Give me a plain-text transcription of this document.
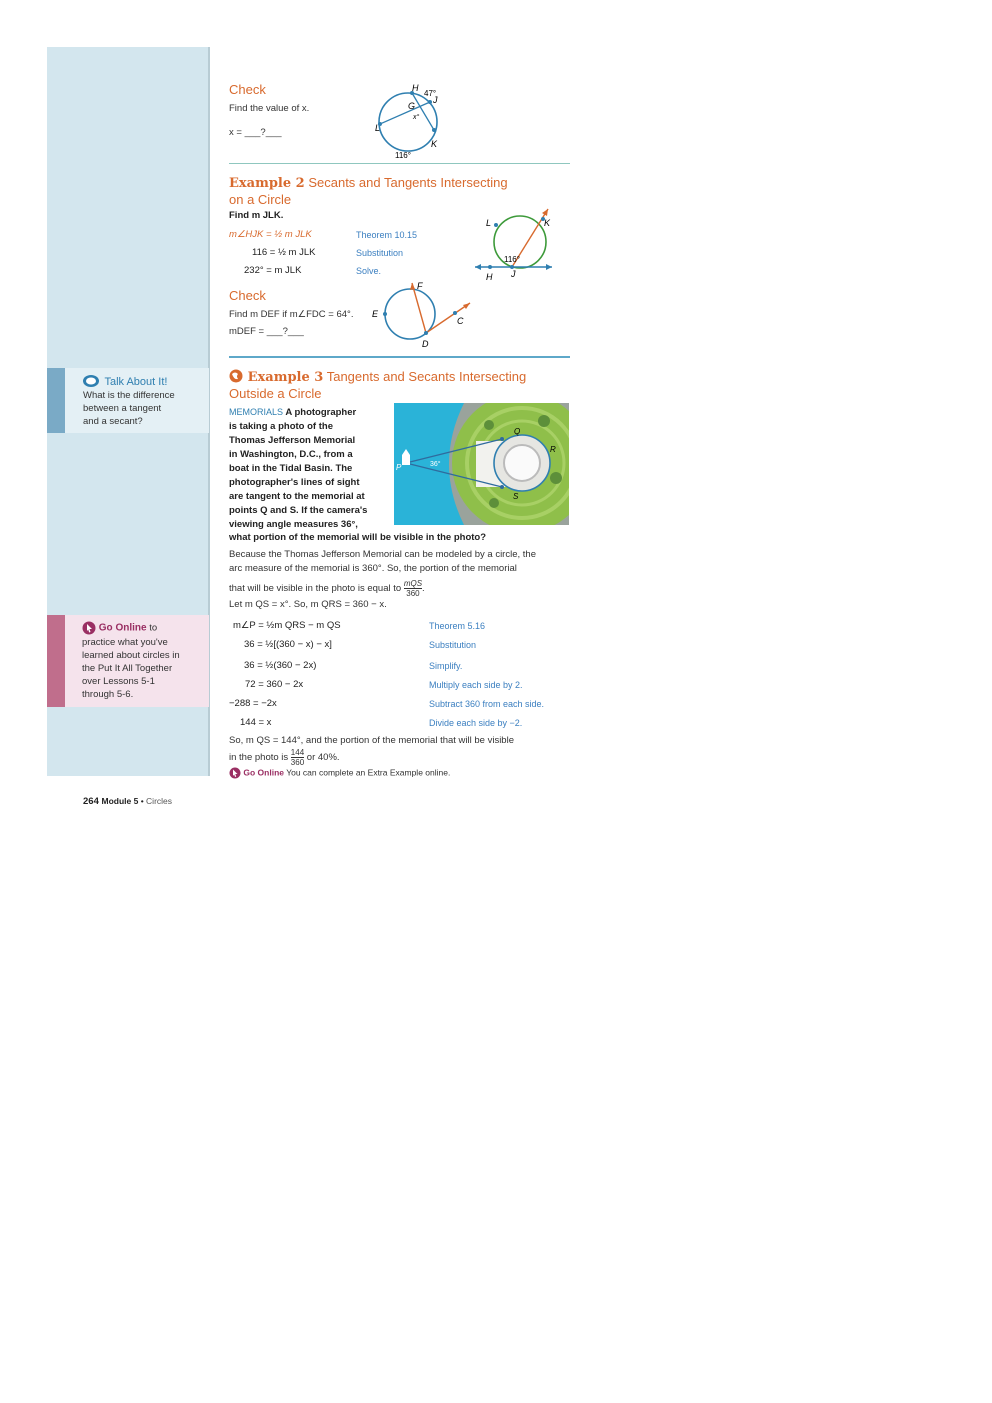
Talk About It!
What is the difference
between a tangent
and a secant?
Go Online to
practice what you've
learned about circles in
the Put It All Together
over Lessons 5-1
through 5-6.
Check
Find the value of x.
x = ___?___
H
47°
J
G
x°
L
K
116°
Example 2 Secants and Tangents Intersecting
on a Circle
Find m JLK.
m∠HJK = ½ m JLK	Theorem 10.15
116 = ½ m JLK	Substitution
232° = m JLK	Solve.
L	K
H J
116°
Check
Find m DEF if m∠FDC = 64°.
mDEF = ___?___
E
F
C
D
Example 3 Tangents and Secants Intersecting
Outside a Circle
MEMORIALS A photographer
is taking a photo of the
Thomas Jefferson Memorial
in Washington, D.C., from a
boat in the Tidal Basin. The
photographer's lines of sight
are tangent to the memorial at
points Q and S. If the camera's
viewing angle measures 36°,
what portion of the memorial will be visible in the photo?
P
Q
R
S
36°
Because the Thomas Jefferson Memorial can be modeled by a circle, the
arc measure of the memorial is 360°. So, the portion of the memorial
that will be visible in the photo is equal to mQS
360 .
Let m QS = x°. So, m QRS = 360 − x.
m∠P = ½m QRS − m QS	Theorem 5.16
36 = ½[(360 − x) − x]	Substitution
36 = ½(360 − 2x)	Simplify.
72 = 360 − 2x	Multiply each side by 2.
−288 = −2x	Subtract 360 from each side.
144 = x	Divide each side by −2.
So, m QS = 144°, and the portion of the memorial that will be visible
in the photo is $\frac{144}{360}$ or 40%.
Go Online You can complete an Extra Example online.
264 Module 5 • Circles
